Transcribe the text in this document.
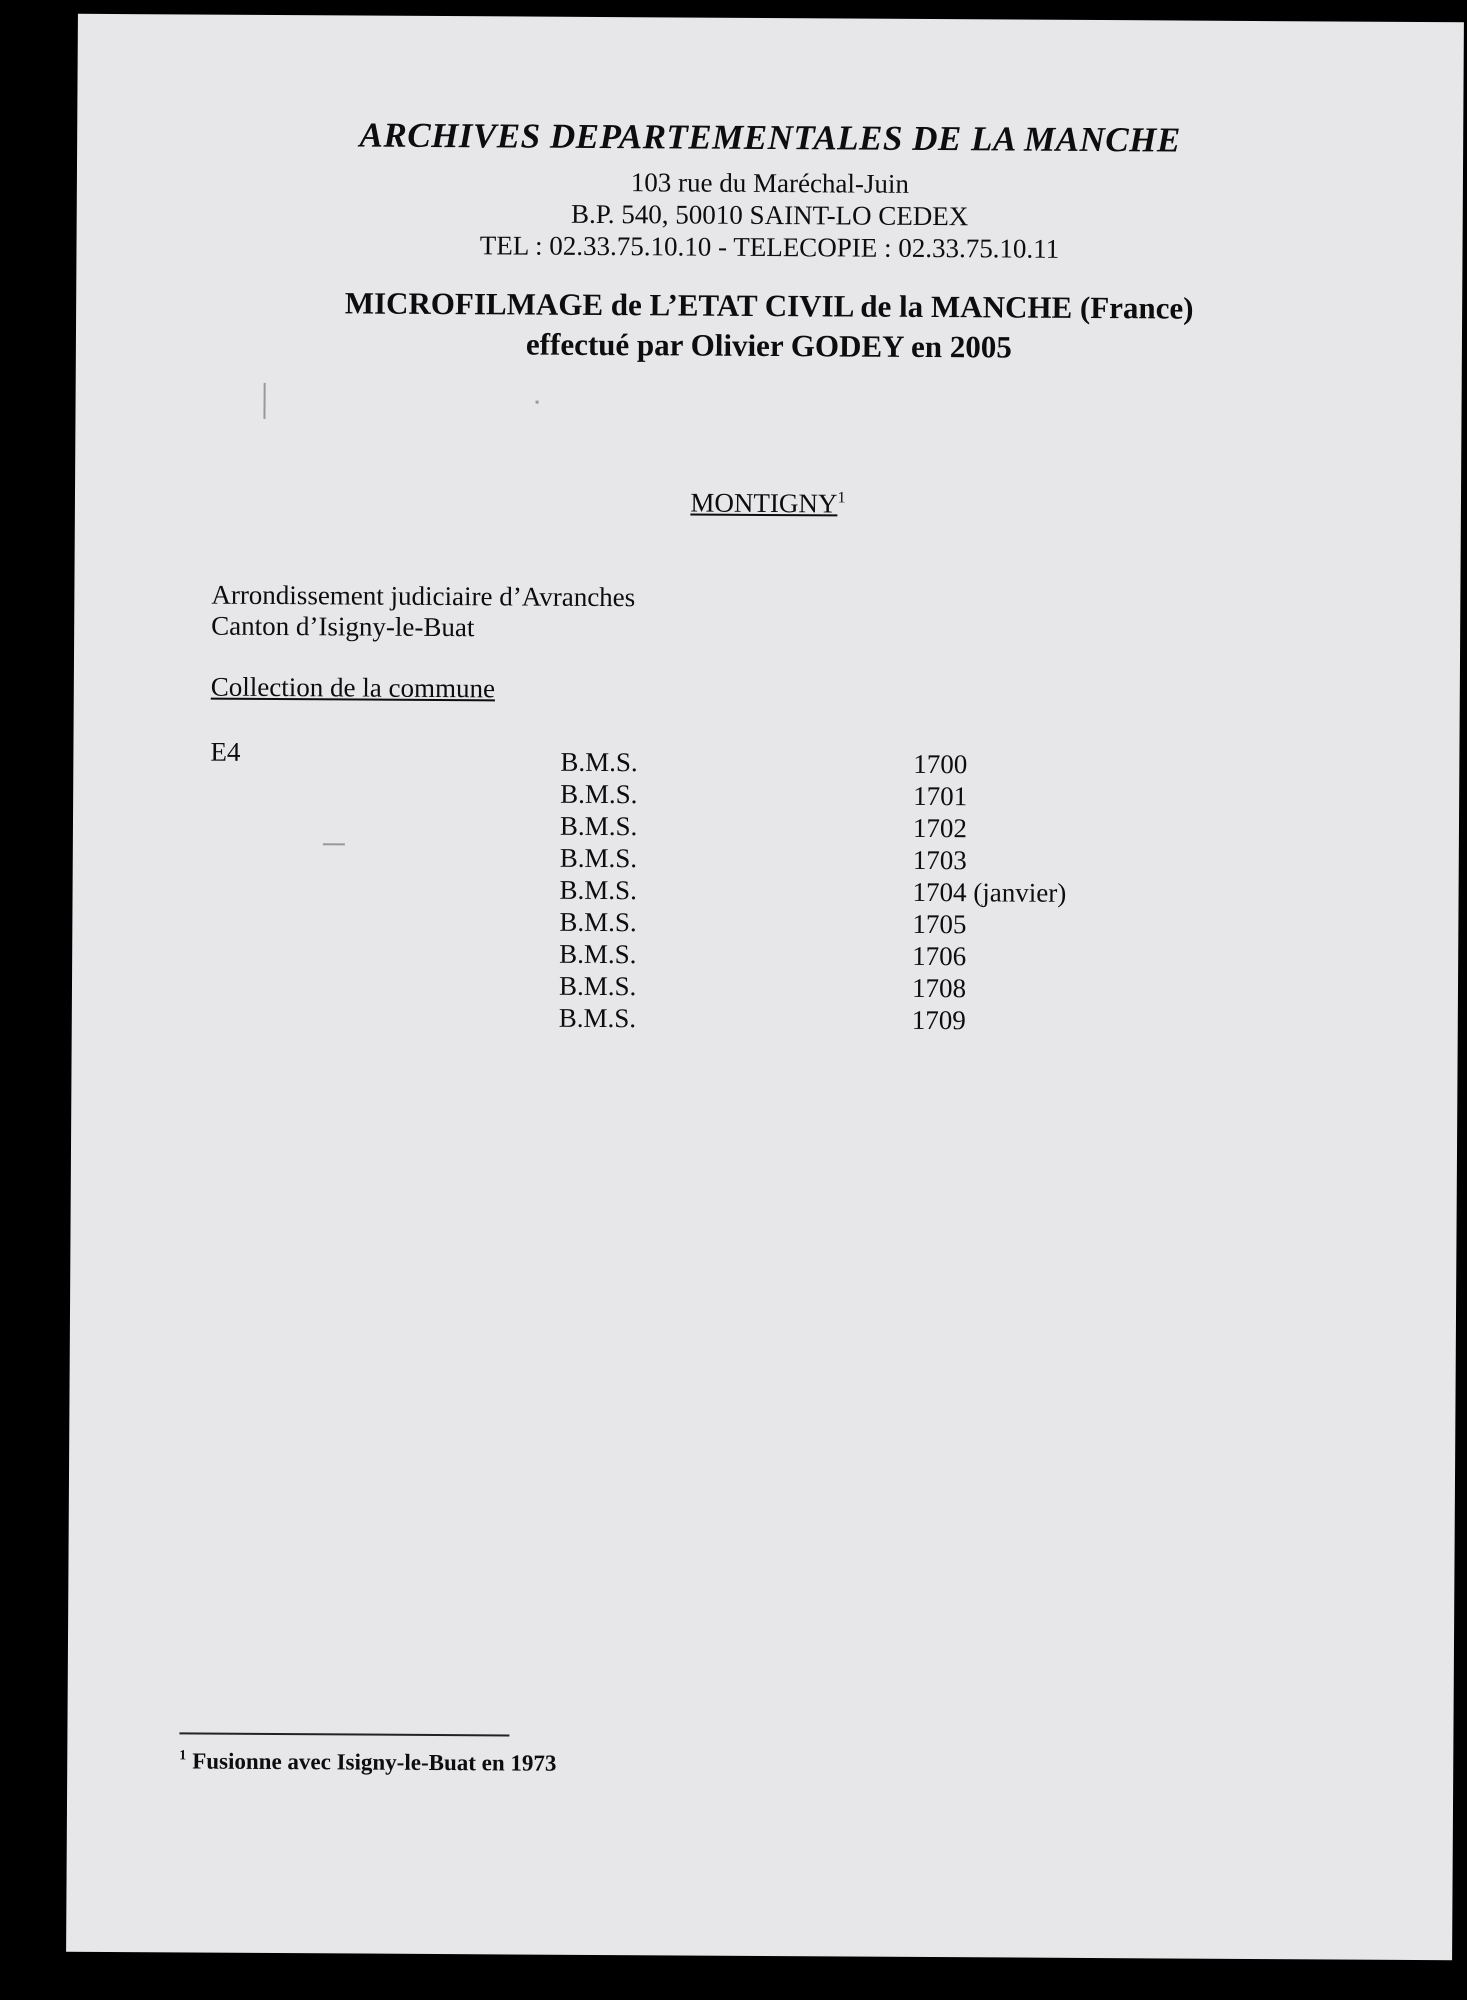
ARCHIVES DEPARTEMENTALES DE LA MANCHE
103 rue du Maréchal-Juin
B.P. 540, 50010 SAINT-LO CEDEX
TEL : 02.33.75.10.10 - TELECOPIE : 02.33.75.10.11
MICROFILMAGE de L’ETAT CIVIL de la MANCHE (France)
effectué par Olivier GODEY en 2005
MONTIGNY$^1$
Arrondissement judiciaire d’Avranches
Canton d’Isigny-le-Buat
Collection de la commune
E4	B.M.S.	1700
B.M.S.	1701
B.M.S.	1702
B.M.S.	1703
B.M.S.	1704 (janvier)
B.M.S.	1705
B.M.S.	1706
B.M.S.	1708
B.M.S.	1709
$^1$ Fusionne avec Isigny-le-Buat en 1973
